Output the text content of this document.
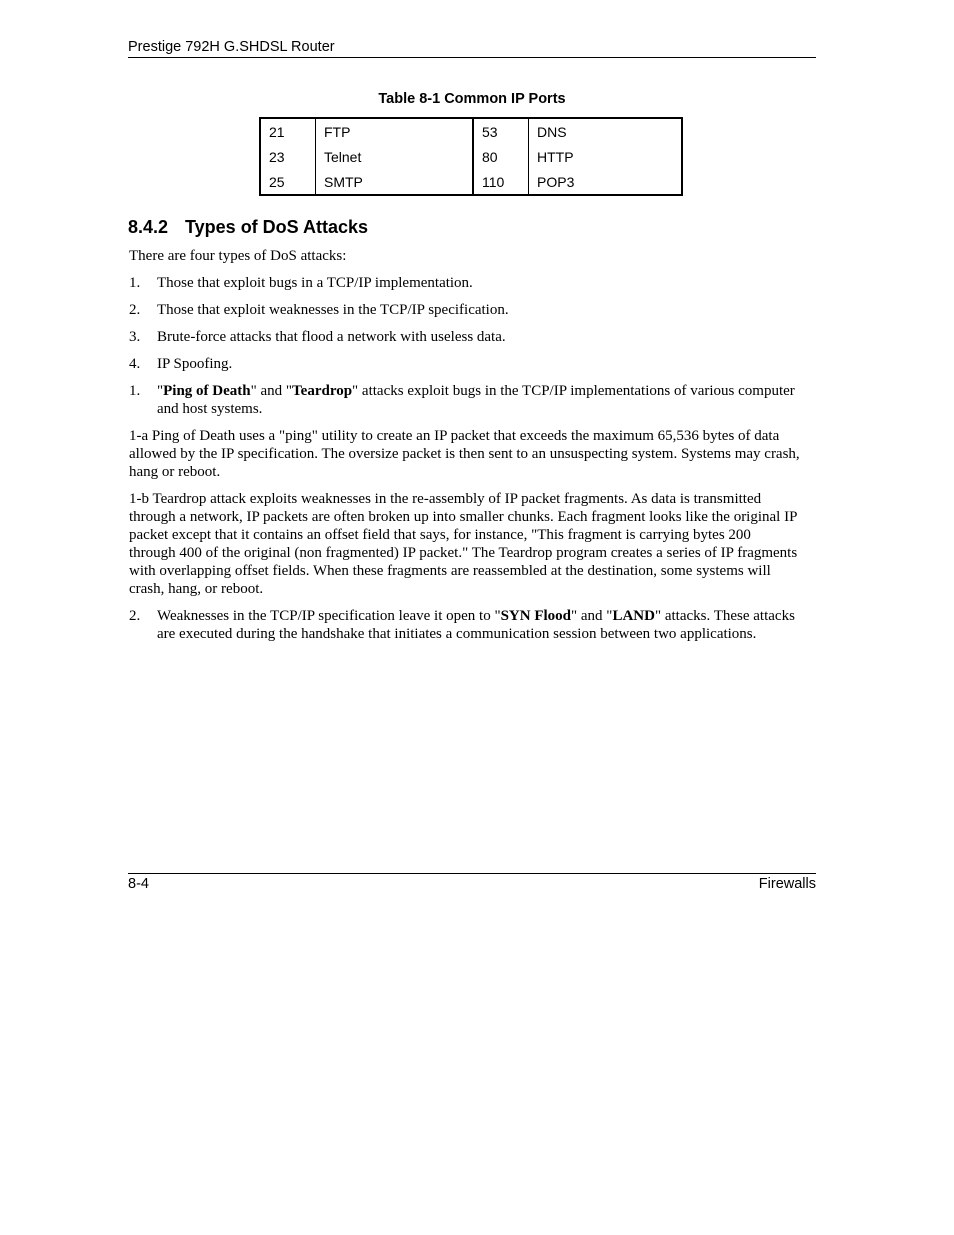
Prestige 792H G.SHDSL Router
Table 8-1 Common IP Ports
21	FTP	53	DNS
23	Telnet	80	HTTP
25	SMTP	110	POP3
8.4.2 Types of DoS Attacks

There are four types of DoS attacks:

1. Those that exploit bugs in a TCP/IP implementation.
2. Those that exploit weaknesses in the TCP/IP specification.
3. Brute-force attacks that flood a network with useless data.
4. IP Spoofing.
1. "Ping of Death" and "Teardrop" attacks exploit bugs in the TCP/IP implementations of various computer and host systems.

1-a Ping of Death uses a "ping" utility to create an IP packet that exceeds the maximum 65,536 bytes of data allowed by the IP specification. The oversize packet is then sent to an unsuspecting system. Systems may crash, hang or reboot.

1-b Teardrop attack exploits weaknesses in the re-assembly of IP packet fragments. As data is transmitted through a network, IP packets are often broken up into smaller chunks. Each fragment looks like the original IP packet except that it contains an offset field that says, for instance, "This fragment is carrying bytes 200 through 400 of the original (non fragmented) IP packet." The Teardrop program creates a series of IP fragments with overlapping offset fields. When these fragments are reassembled at the destination, some systems will crash, hang, or reboot.

2. Weaknesses in the TCP/IP specification leave it open to "SYN Flood" and "LAND" attacks. These attacks are executed during the handshake that initiates a communication session between two applications.
8-4	Firewalls
